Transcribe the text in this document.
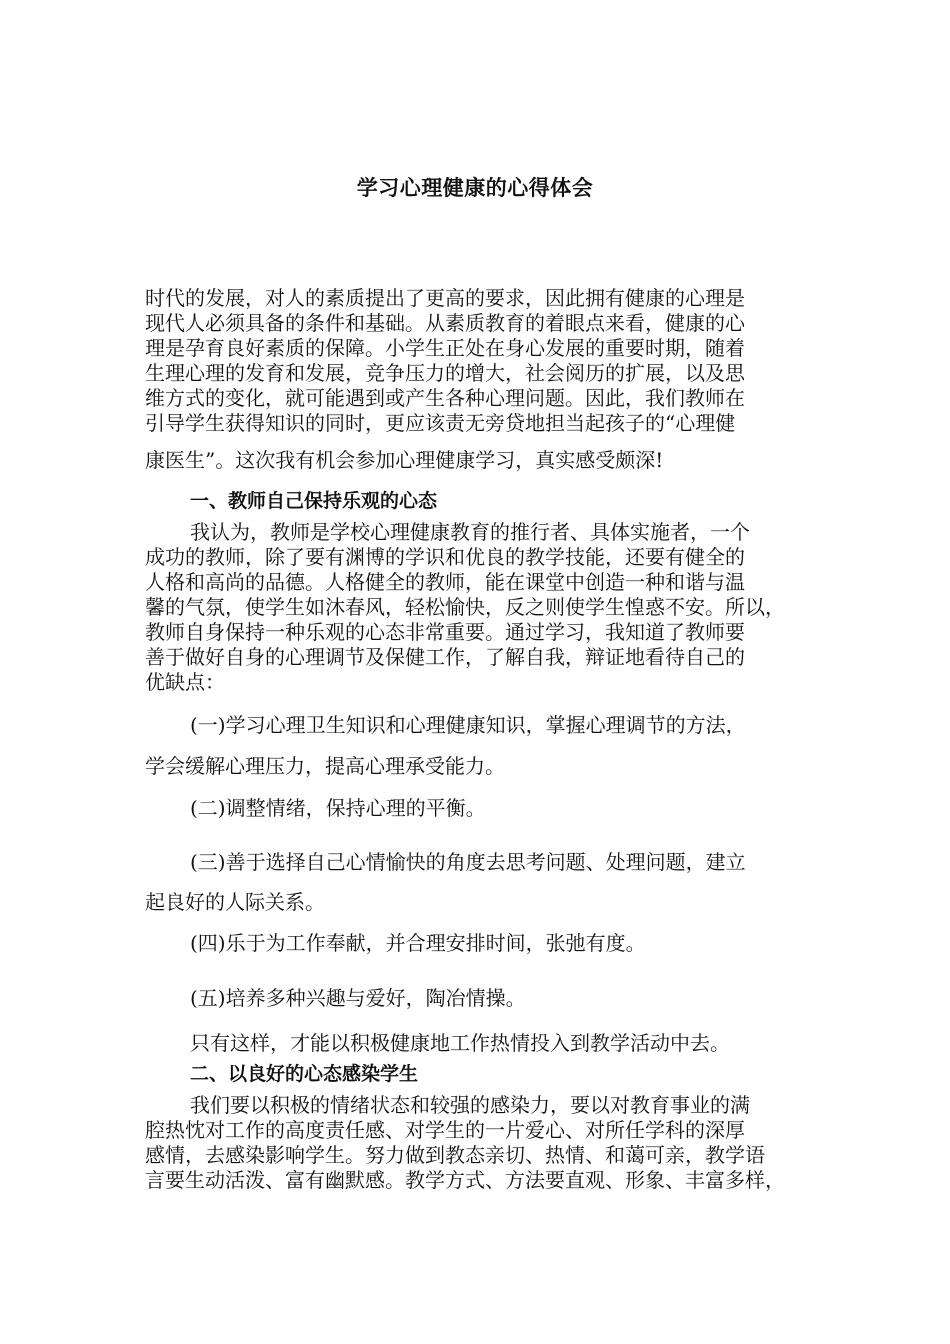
学习心理健康的心得体会
时代的发展，对人的素质提出了更高的要求，因此拥有健康的心理是
现代人必须具备的条件和基础。从素质教育的着眼点来看，健康的心
理是孕育良好素质的保障。小学生正处在身心发展的重要时期，随着
生理心理的发育和发展，竞争压力的增大，社会阅历的扩展，以及思
维方式的变化，就可能遇到或产生各种心理问题。因此，我们教师在
引导学生获得知识的同时，更应该责无旁贷地担当起孩子的“心理健
康医生”。这次我有机会参加心理健康学习，真实感受颇深!
一、教师自己保持乐观的心态
我认为，教师是学校心理健康教育的推行者、具体实施者，一个
成功的教师，除了要有渊博的学识和优良的教学技能，还要有健全的
人格和高尚的品德。人格健全的教师，能在课堂中创造一种和谐与温
馨的气氛，使学生如沐春风，轻松愉快，反之则使学生惶惑不安。所以，
教师自身保持一种乐观的心态非常重要。通过学习，我知道了教师要
善于做好自身的心理调节及保健工作，了解自我，辩证地看待自己的
优缺点：
(一)学习心理卫生知识和心理健康知识，掌握心理调节的方法，
学会缓解心理压力，提高心理承受能力。
(二)调整情绪，保持心理的平衡。
(三)善于选择自己心情愉快的角度去思考问题、处理问题，建立
起良好的人际关系。
(四)乐于为工作奉献，并合理安排时间，张弛有度。
(五)培养多种兴趣与爱好，陶冶情操。
只有这样，才能以积极健康地工作热情投入到教学活动中去。
二、以良好的心态感染学生
我们要以积极的情绪状态和较强的感染力，要以对教育事业的满
腔热忱对工作的高度责任感、对学生的一片爱心、对所任学科的深厚
感情，去感染影响学生。努力做到教态亲切、热情、和蔼可亲，教学语
言要生动活泼、富有幽默感。教学方式、方法要直观、形象、丰富多样，
